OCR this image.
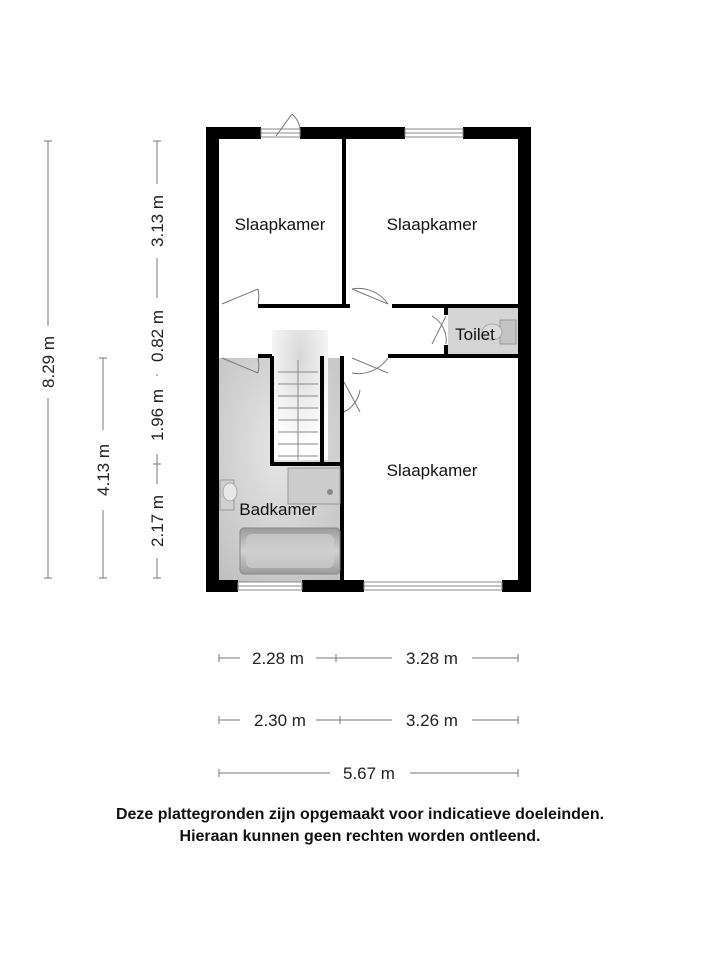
Slaapkamer	Slaapkamer
Toilet
Slaapkamer
Badkamer
8.29 m
4.13 m
3.13 m
0.82 m
1.96 m
2.17 m
2.28 m	3.28 m
2.30 m	3.26 m
5.67 m
Deze plattegronden zijn opgemaakt voor indicatieve doeleinden.
Hieraan kunnen geen rechten worden ontleend.
